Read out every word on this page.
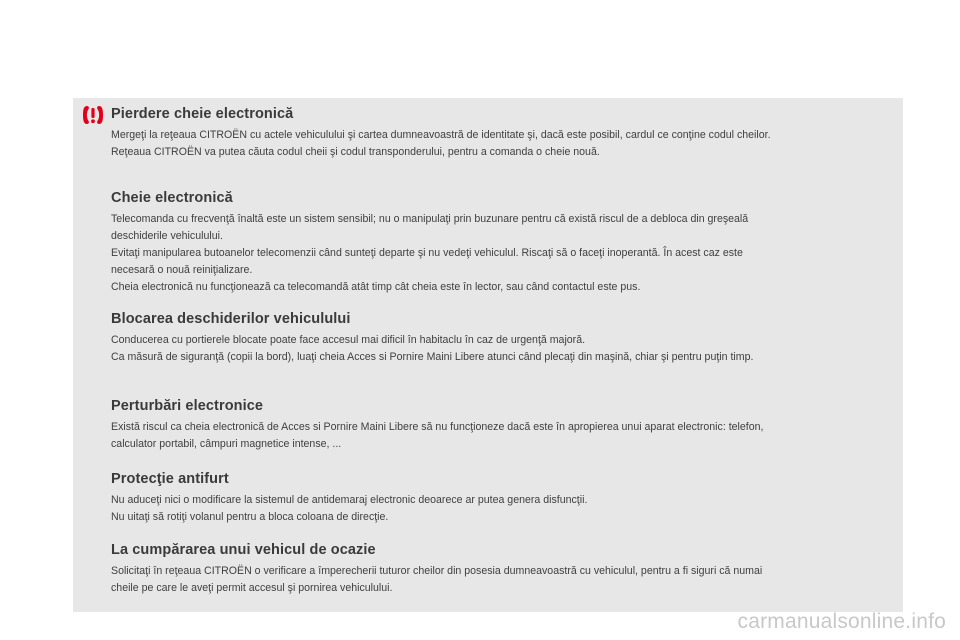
Pierdere cheie electronică

Mergeţi la reţeaua CITROËN cu actele vehiculului şi cartea dumneavoastră de identitate şi, dacă este posibil, cardul ce conţine codul cheilor.
Reţeaua CITROËN va putea căuta codul cheii şi codul transponderului, pentru a comanda o cheie nouă.

Cheie electronică

Telecomanda cu frecvenţă înaltă este un sistem sensibil; nu o manipulaţi prin buzunare pentru că există riscul de a debloca din greşeală
deschiderile vehiculului.
Evitaţi manipularea butoanelor telecomenzii când sunteţi departe şi nu vedeţi vehiculul. Riscaţi să o faceţi inoperantă. În acest caz este
necesară o nouă reiniţializare.
Cheia electronică nu funcţionează ca telecomandă atât timp cât cheia este în lector, sau când contactul este pus.

Blocarea deschiderilor vehiculului

Conducerea cu portierele blocate poate face accesul mai dificil în habitaclu în caz de urgenţă majoră.
Ca măsură de siguranţă (copii la bord), luaţi cheia Acces si Pornire Maini Libere atunci când plecaţi din maşină, chiar şi pentru puţin timp.

Perturbări electronice

Există riscul ca cheia electronică de Acces si Pornire Maini Libere să nu funcţioneze dacă este în apropierea unui aparat electronic: telefon,
calculator portabil, câmpuri magnetice intense, ...

Protecţie antifurt

Nu aduceţi nici o modificare la sistemul de antidemaraj electronic deoarece ar putea genera disfuncţii.
Nu uitaţi să rotiţi volanul pentru a bloca coloana de direcţie.

La cumpărarea unui vehicul de ocazie

Solicitaţi în reţeaua CITROËN o verificare a împerecherii tuturor cheilor din posesia dumneavoastră cu vehiculul, pentru a fi siguri că numai
cheile pe care le aveţi permit accesul şi pornirea vehiculului.

carmanualsonline.info
